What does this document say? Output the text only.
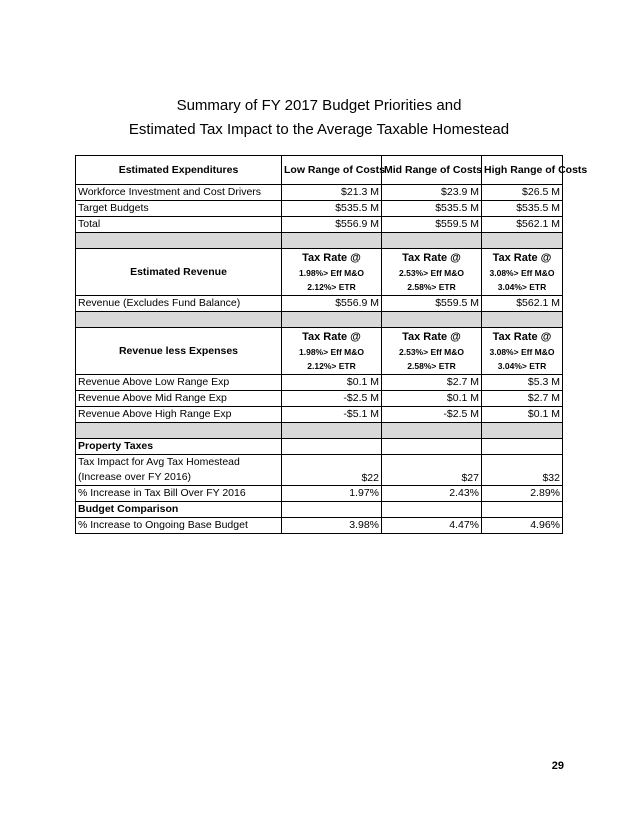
Summary of FY 2017 Budget Priorities and
Estimated Tax Impact to the Average Taxable Homestead
Estimated Expenditures	Low Range of Costs	Mid Range of Costs	High Range of Costs
Workforce Investment and Cost Drivers	$21.3 M	$23.9 M	$26.5 M
Target Budgets	$535.5 M	$535.5 M	$535.5 M
Total	$556.9 M	$559.5 M	$562.1 M

Estimated Revenue	Tax Rate @
1.98%> Eff M&O
2.12%> ETR	Tax Rate @
2.53%> Eff M&O
2.58%> ETR	Tax Rate @
3.08%> Eff M&O
3.04%> ETR

Revenue (Excludes Fund Balance)	$556.9 M	$559.5 M	$562.1 M

Revenue less Expenses	Tax Rate @
1.98%> Eff M&O
2.12%> ETR	Tax Rate @
2.53%> Eff M&O
2.58%> ETR	Tax Rate @
3.08%> Eff M&O
3.04%> ETR

Revenue Above Low Range Exp	$0.1 M	$2.7 M	$5.3 M
Revenue Above Mid Range Exp	-$2.5 M	$0.1 M	$2.7 M
Revenue Above High Range Exp	-$5.1 M	-$2.5 M	$0.1 M

Property Taxes			

Tax Impact for Avg Tax Homestead
(Increase over FY 2016)	$22	$27	$32
% Increase in Tax Bill Over FY 2016	1.97%	2.43%	2.89%
Budget Comparison			
% Increase to Ongoing Base Budget	3.98%	4.47%	4.96%
29
